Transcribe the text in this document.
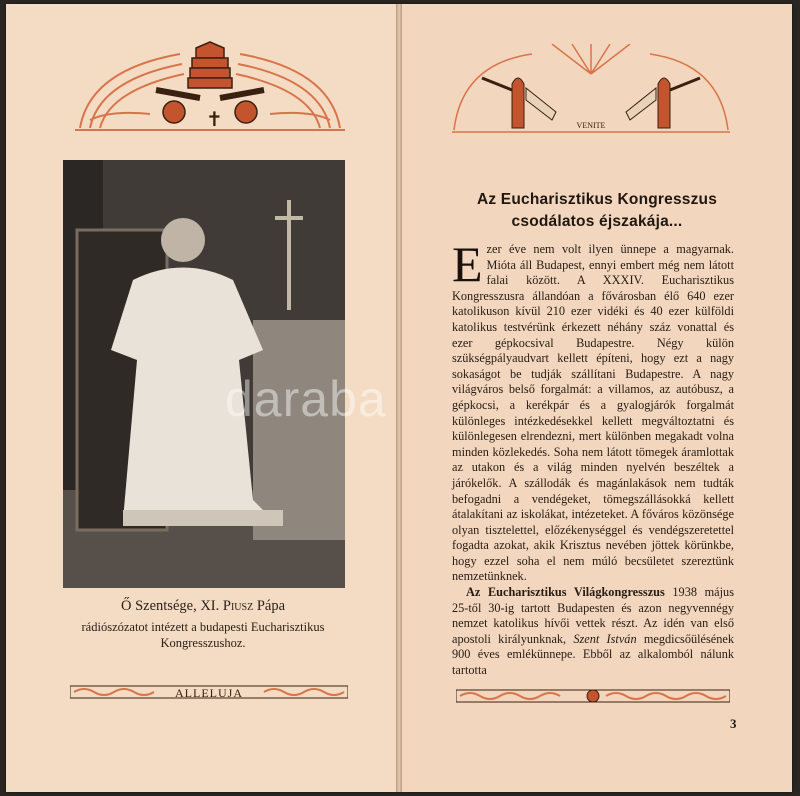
✝
Ő Szentsége, XI. Piusz Pápa
rádiószózatot intézett a budapesti Eucharisztikus
Kongresszushoz.
ALLELUJA
VENITE
Az Eucharisztikus Kongresszus
csodálatos éjszakája...

Ezer éve nem volt ilyen ünnepe a magyarnak. Mióta áll Budapest, ennyi embert még nem látott falai között. A XXXIV. Eucharisztikus Kongresszusra állandóan a fővárosban élő 640 ezer katolikuson kívül 210 ezer vidéki és 40 ezer külföldi katolikus testvérünk érkezett néhány száz vonattal és ezer gépkocsival Budapestre. Négy külön szükségpályaudvart kellett építeni, hogy ezt a nagy sokaságot be tudják szállítani Budapestre. A nagy világváros belső forgalmát: a villamos, az autóbusz, a gépkocsi, a kerékpár és a gyalogjárók forgalmát különleges intézkedésekkel kellett megváltoztatni és különlegesen elrendezni, mert különben megakadt volna minden közlekedés. Soha nem látott tömegek áramlottak az utakon és a világ minden nyelvén beszéltek a járókelők. A szállodák és magánlakások nem tudták befogadni a vendégeket, tömegszállásokká kellett átalakítani az iskolákat, intézeteket. A főváros közönsége olyan tisztelettel, előzékenységgel és vendégszeretettel fogadta azokat, akik Krisztus nevében jöttek körünkbe, hogy ezzel soha el nem múló becsületet szereztünk nemzetünknek.

Az Eucharisztikus Világkongresszus 1938 május 25-től 30-ig tartott Budapesten és azon negyvennégy nemzet katolikus hívői vettek részt. Az idén van első apostoli királyunknak, Szent István megdicsőülésének 900 éves emlékünnepe. Ebből az alkalomból nálunk tartotta

3
daraba
